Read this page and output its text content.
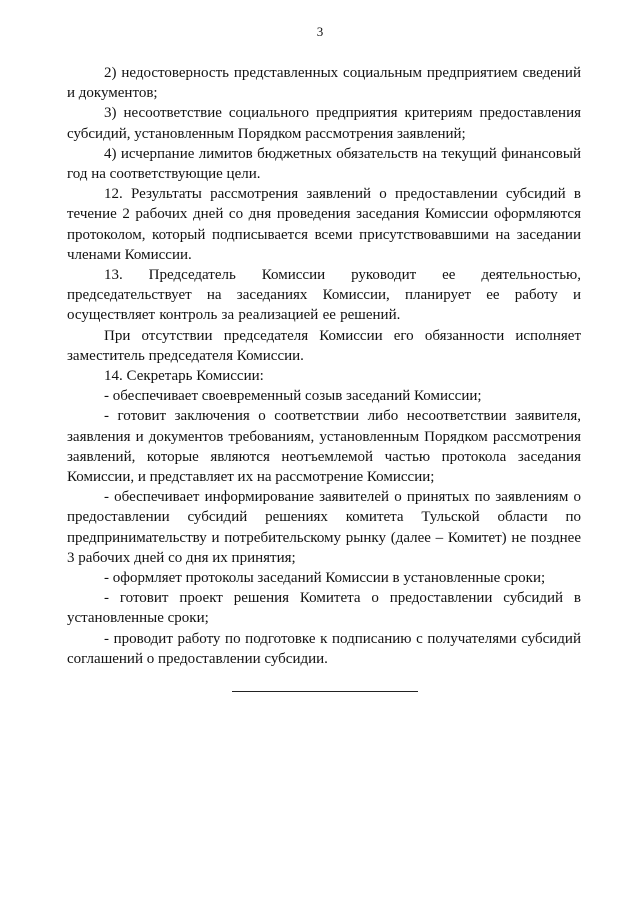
3

2) недостоверность представленных социальным предприятием сведений и документов;

3) несоответствие социального предприятия критериям предоставления субсидий, установленным Порядком рассмотрения заявлений;

4) исчерпание лимитов бюджетных обязательств на текущий финансовый год на соответствующие цели.

12. Результаты рассмотрения заявлений о предоставлении субсидий в течение 2 рабочих дней со дня проведения заседания Комиссии оформляются протоколом, который подписывается всеми присутствовавшими на заседании членами Комиссии.

13. Председатель Комиссии руководит ее деятельностью, председательствует на заседаниях Комиссии, планирует ее работу и осуществляет контроль за реализацией ее решений.

При отсутствии председателя Комиссии его обязанности исполняет заместитель председателя Комиссии.

14. Секретарь Комиссии:

- обеспечивает своевременный созыв заседаний Комиссии;

- готовит заключения о соответствии либо несоответствии заявителя, заявления и документов требованиям, установленным Порядком рассмотрения заявлений, которые являются неотъемлемой частью протокола заседания Комиссии, и представляет их на рассмотрение Комиссии;

- обеспечивает информирование заявителей о принятых по заявлениям о предоставлении субсидий решениях комитета Тульской области по предпринимательству и потребительскому рынку (далее – Комитет) не позднее 3 рабочих дней со дня их принятия;

- оформляет протоколы заседаний Комиссии в установленные сроки;

- готовит проект решения Комитета о предоставлении субсидий в установленные сроки;

- проводит работу по подготовке к подписанию с получателями субсидий соглашений о предоставлении субсидии.
